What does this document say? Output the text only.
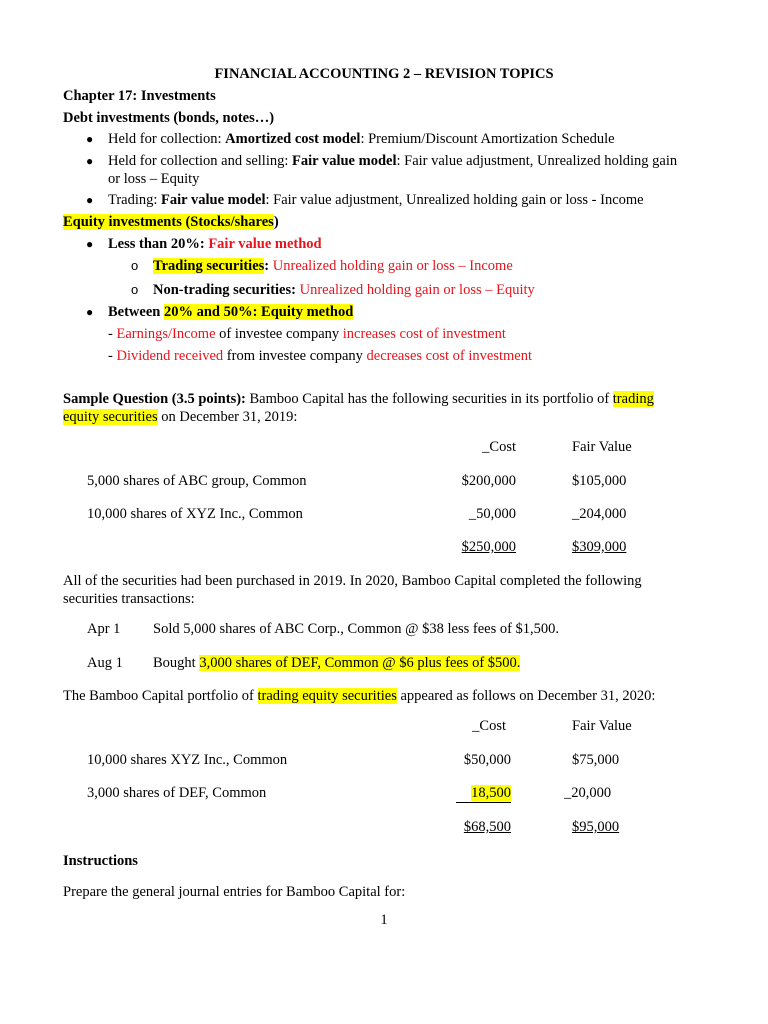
FINANCIAL ACCOUNTING 2 – REVISION TOPICS
Chapter 17: Investments
Debt investments (bonds, notes…)
● Held for collection: Amortized cost model: Premium/Discount Amortization Schedule
● Held for collection and selling: Fair value model: Fair value adjustment, Unrealized holding gain
or loss – Equity
● Trading: Fair value model: Fair value adjustment, Unrealized holding gain or loss - Income
Equity investments (Stocks/shares)
● Less than 20%: Fair value method
o Trading securities: Unrealized holding gain or loss – Income
o Non-trading securities: Unrealized holding gain or loss – Equity
● Between 20% and 50%: Equity method
- Earnings/Income of investee company increases cost of investment
- Dividend received from investee company decreases cost of investment
Sample Question (3.5 points): Bamboo Capital has the following securities in its portfolio of trading
equity securities on December 31, 2019:
_Cost	Fair Value
5,000 shares of ABC group, Common	$200,000	$105,000
10,000 shares of XYZ Inc., Common	_50,000	_204,000
$250,000	$309,000
All of the securities had been purchased in 2019. In 2020, Bamboo Capital completed the following
securities transactions:
Apr 1 Sold 5,000 shares of ABC Corp., Common @ $38 less fees of $1,500.
Aug 1 Bought 3,000 shares of DEF, Common @ $6 plus fees of $500.
The Bamboo Capital portfolio of trading equity securities appeared as follows on December 31, 2020:
_Cost	Fair Value
10,000 shares XYZ Inc., Common	$50,000	$75,000
3,000 shares of DEF, Common	18,500	_20,000
$68,500	$95,000
Instructions
Prepare the general journal entries for Bamboo Capital for:
1
